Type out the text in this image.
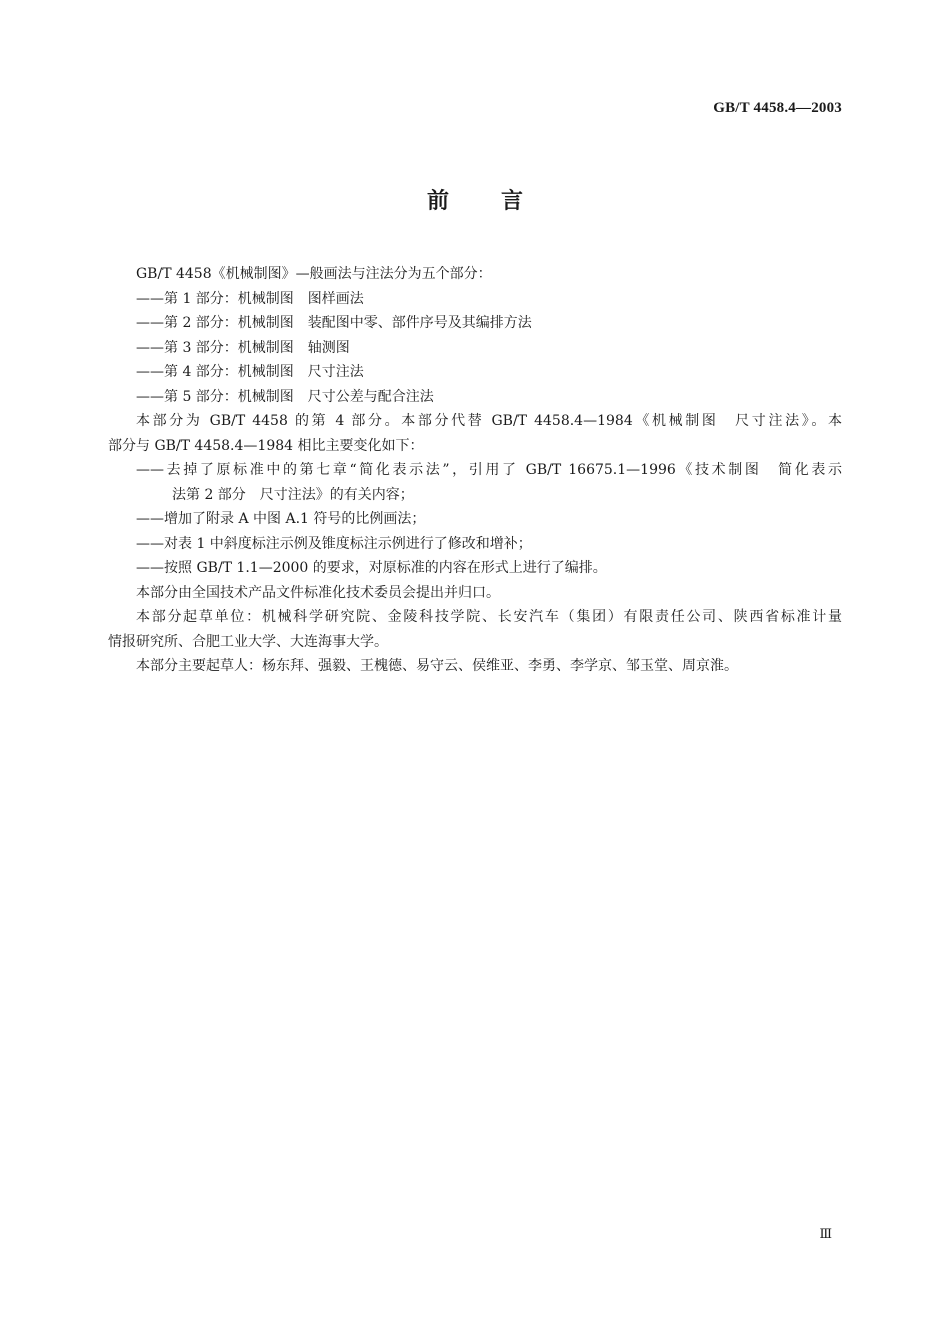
GB/T 4458.4—2003
前言
GB/T 4458《机械制图》—般画法与注法分为五个部分：
——第 1 部分：机械制图　图样画法
——第 2 部分：机械制图　装配图中零、部件序号及其编排方法
——第 3 部分：机械制图　轴测图
——第 4 部分：机械制图　尺寸注法
——第 5 部分：机械制图　尺寸公差与配合注法
本部分为 GB/T 4458 的第 4 部分。本部分代替 GB/T 4458.4—1984《机械制图　尺寸注法》。本
部分与 GB/T 4458.4—1984 相比主要变化如下：
——去掉了原标准中的第七章“简化表示法”，引用了 GB/T 16675.1—1996《技术制图　简化表示
法第 2 部分　尺寸注法》的有关内容；
——增加了附录 A 中图 A.1 符号的比例画法；
——对表 1 中斜度标注示例及锥度标注示例进行了修改和增补；
——按照 GB/T 1.1—2000 的要求，对原标准的内容在形式上进行了编排。
本部分由全国技术产品文件标准化技术委员会提出并归口。
本部分起草单位：机械科学研究院、金陵科技学院、长安汽车（集团）有限责任公司、陕西省标准计量
情报研究所、合肥工业大学、大连海事大学。
本部分主要起草人：杨东拜、强毅、王槐德、易守云、侯维亚、李勇、李学京、邹玉堂、周京淮。
Ⅲ
